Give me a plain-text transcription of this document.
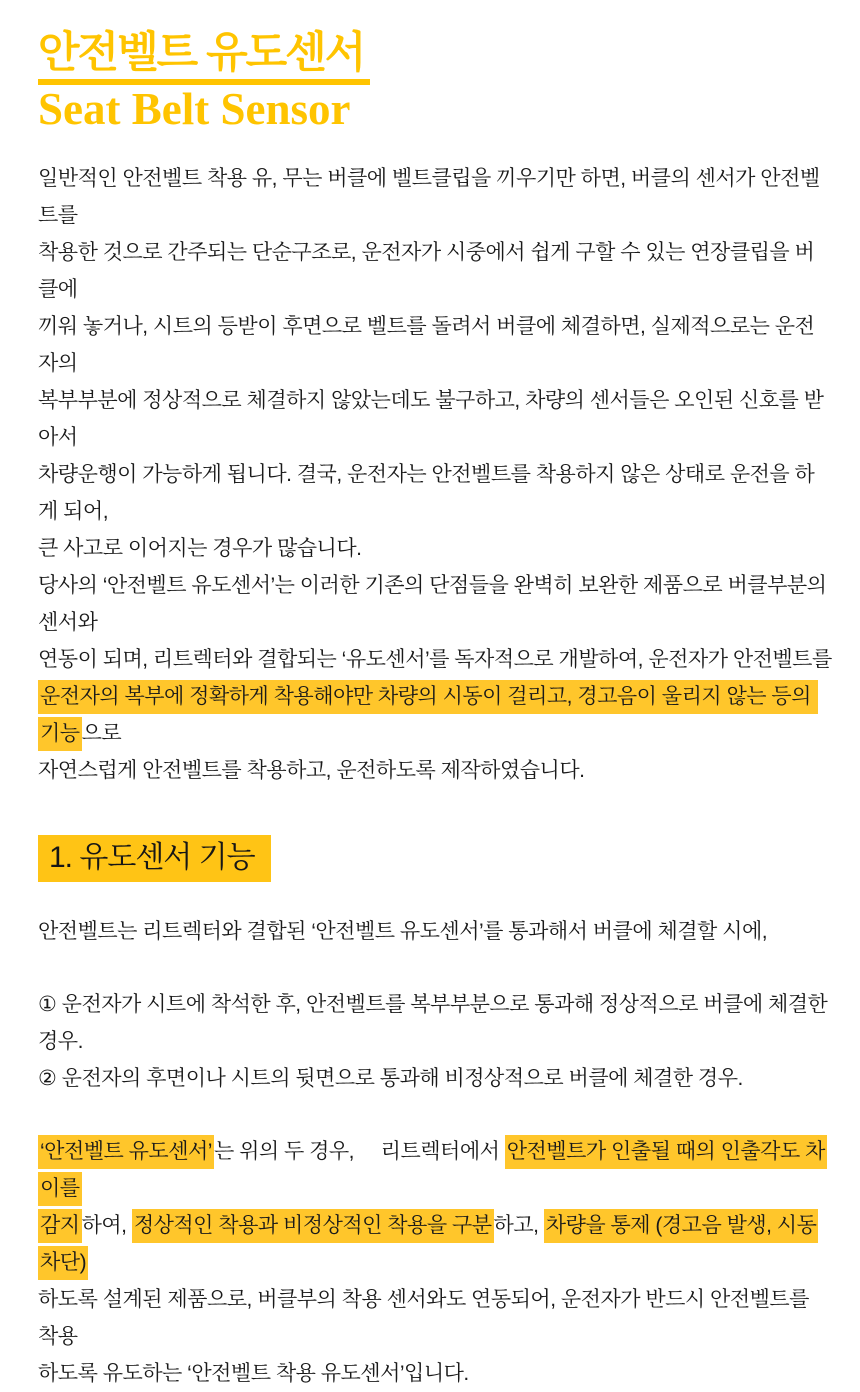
안전벨트 유도센서
Seat Belt Sensor
일반적인 안전벨트 착용 유, 무는 버클에 벨트클립을 끼우기만 하면, 버클의 센서가 안전벨트를
착용한 것으로 간주되는 단순구조로, 운전자가 시중에서 쉽게 구할 수 있는 연장클립을 버클에
끼워 놓거나, 시트의 등받이 후면으로 벨트를 돌려서 버클에 체결하면, 실제적으로는 운전자의
복부부분에 정상적으로 체결하지 않았는데도 불구하고, 차량의 센서들은 오인된 신호를 받아서
차량운행이 가능하게 됩니다. 결국, 운전자는 안전벨트를 착용하지 않은 상태로 운전을 하게 되어,
큰 사고로 이어지는 경우가 많습니다.
당사의 ‘안전벨트 유도센서’는 이러한 기존의 단점들을 완벽히 보완한 제품으로 버클부분의 센서와
연동이 되며, 리트렉터와 결합되는 ‘유도센서’를 독자적으로 개발하여, 운전자가 안전벨트를
운전자의 복부에 정확하게 착용해야만 차량의 시동이 걸리고, 경고음이 울리지 않는 등의 기능으로
자연스럽게 안전벨트를 착용하고, 운전하도록 제작하였습니다.
1. 유도센서 기능
안전벨트는 리트렉터와 결합된 ‘안전벨트 유도센서’를 통과해서 버클에 체결할 시에,
① 운전자가 시트에 착석한 후, 안전벨트를 복부부분으로 통과해 정상적으로 버클에 체결한 경우.
② 운전자의 후면이나 시트의 뒷면으로 통과해 비정상적으로 버클에 체결한 경우.
‘안전벨트 유도센서’는 위의 두 경우,     리트렉터에서 안전벨트가 인출될 때의 인출각도 차이를
감지하여, 정상적인 착용과 비정상적인 착용을 구분하고, 차량을 통제 (경고음 발생, 시동차단)
하도록 설계된 제품으로, 버클부의 착용 센서와도 연동되어, 운전자가 반드시 안전벨트를 착용
하도록 유도하는 ‘안전벨트 착용 유도센서’입니다.
